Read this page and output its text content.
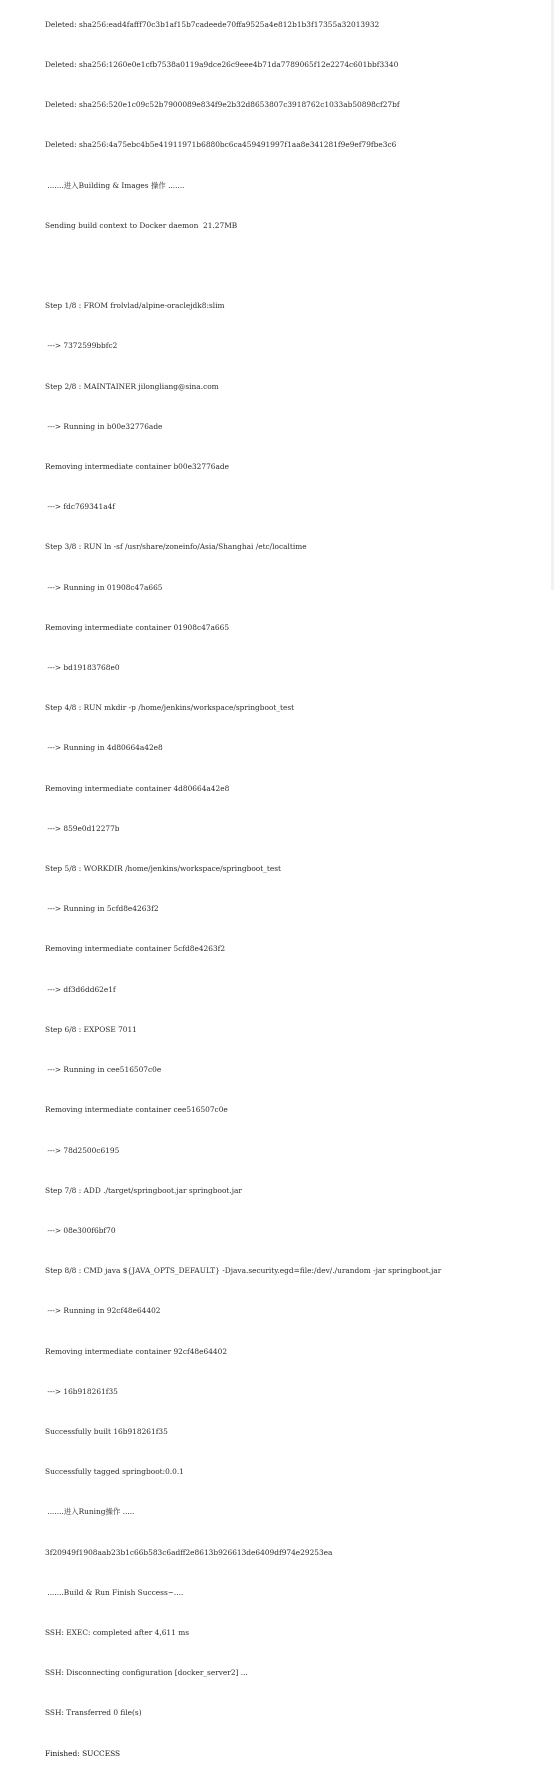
Deleted: sha256:ead4fafff70c3b1af15b7cadeede70ffa9525a4e812b1b3f17355a32013932

Deleted: sha256:1260e0e1cfb7538a0119a9dce26c9eee4b71da7789065f12e2274c601bbf3340

Deleted: sha256:520e1c09c52b7900089e834f9e2b32d8653807c3918762c1033ab50898cf27bf

Deleted: sha256:4a75ebc4b5e41911971b6880bc6ca459491997f1aa8e341281f9e9ef79fbe3c6

.......进入Building & Images 操作 .......

Sending build context to Docker daemon  21.27MB

Step 1/8 : FROM frolvlad/alpine-oraclejdk8:slim

---> 7372599bbfc2

Step 2/8 : MAINTAINER jilongliang@sina.com

---> Running in b00e32776ade

Removing intermediate container b00e32776ade

---> fdc769341a4f

Step 3/8 : RUN ln -sf /usr/share/zoneinfo/Asia/Shanghai /etc/localtime

---> Running in 01908c47a665

Removing intermediate container 01908c47a665

---> bd19183768e0

Step 4/8 : RUN mkdir -p /home/jenkins/workspace/springboot_test

---> Running in 4d80664a42e8

Removing intermediate container 4d80664a42e8

---> 859e0d12277b

Step 5/8 : WORKDIR /home/jenkins/workspace/springboot_test

---> Running in 5cfd8e4263f2

Removing intermediate container 5cfd8e4263f2

---> df3d6dd62e1f

Step 6/8 : EXPOSE 7011

---> Running in cee516507c0e

Removing intermediate container cee516507c0e

---> 78d2500c6195

Step 7/8 : ADD ./target/springboot.jar springboot.jar

---> 08e300f6bf70

Step 8/8 : CMD java ${JAVA_OPTS_DEFAULT} -Djava.security.egd=file:/dev/./urandom -jar springboot.jar

---> Running in 92cf48e64402

Removing intermediate container 92cf48e64402

---> 16b918261f35

Successfully built 16b918261f35

Successfully tagged springboot:0.0.1

.......进入Runing操作 .....

3f20949f1908aab23b1c66b583c6adff2e8613b926613de6409df974e29253ea

.......Build & Run Finish Success~....

SSH: EXEC: completed after 4,611 ms

SSH: Disconnecting configuration [docker_server2] ...

SSH: Transferred 0 file(s)

Finished: SUCCESS
